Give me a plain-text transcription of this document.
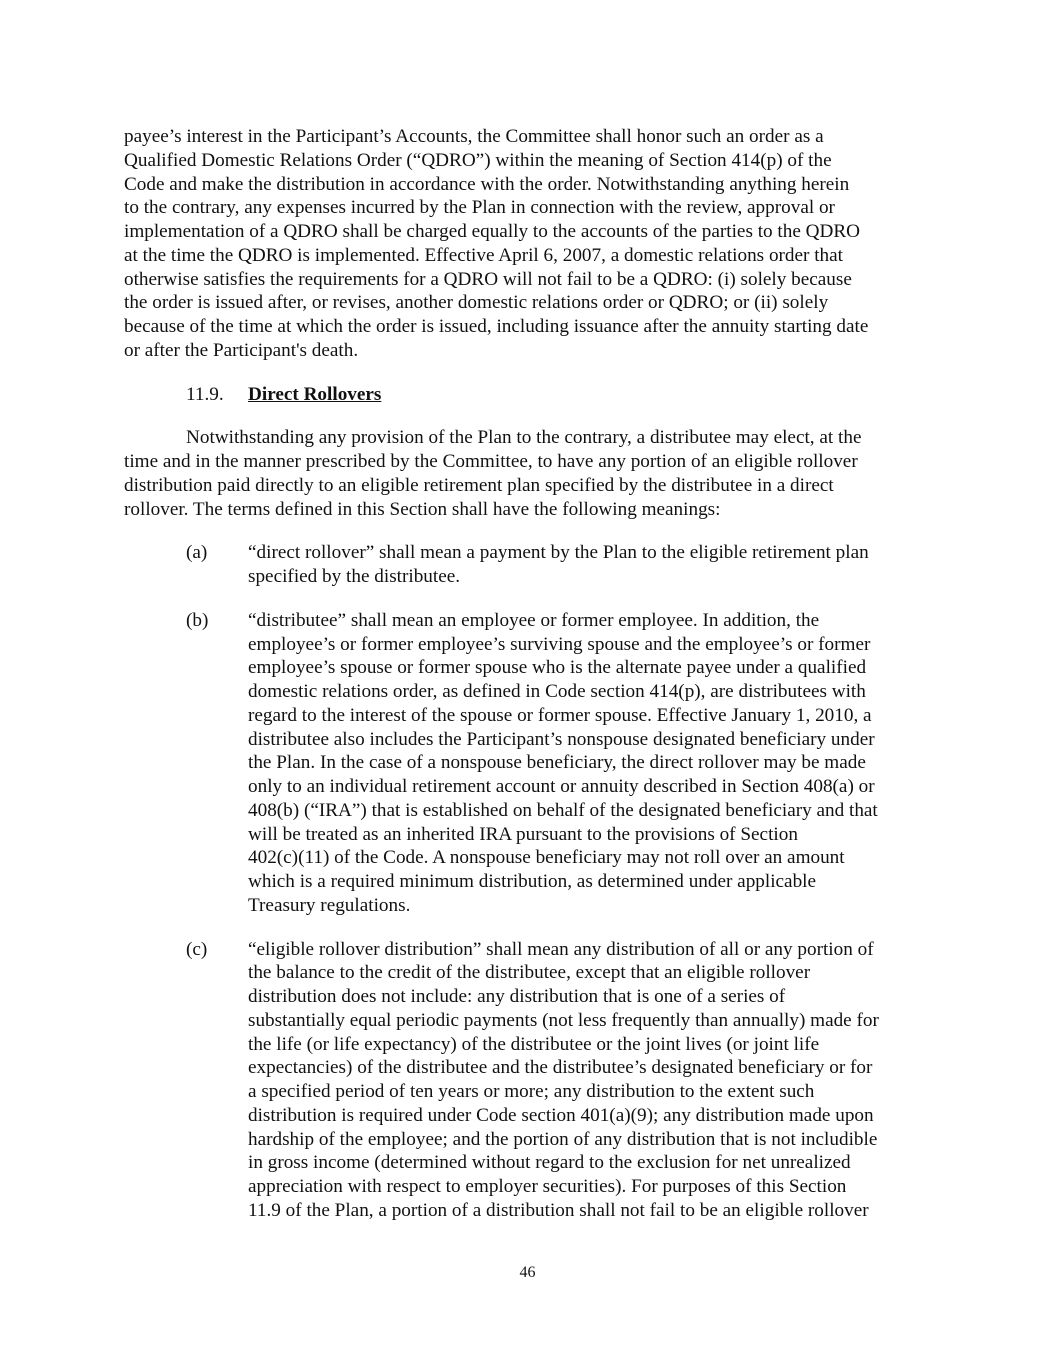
payee’s interest in the Participant’s Accounts, the Committee shall honor such an order as a
Qualified Domestic Relations Order (“QDRO”) within the meaning of Section 414(p) of the
Code and make the distribution in accordance with the order. Notwithstanding anything herein
to the contrary, any expenses incurred by the Plan in connection with the review, approval or
implementation of a QDRO shall be charged equally to the accounts of the parties to the QDRO
at the time the QDRO is implemented. Effective April 6, 2007, a domestic relations order that
otherwise satisfies the requirements for a QDRO will not fail to be a QDRO: (i) solely because
the order is issued after, or revises, another domestic relations order or QDRO; or (ii) solely
because of the time at which the order is issued, including issuance after the annuity starting date
or after the Participant's death.
11.9. Direct Rollovers
Notwithstanding any provision of the Plan to the contrary, a distributee may elect, at the
time and in the manner prescribed by the Committee, to have any portion of an eligible rollover
distribution paid directly to an eligible retirement plan specified by the distributee in a direct
rollover. The terms defined in this Section shall have the following meanings:
(a) “direct rollover” shall mean a payment by the Plan to the eligible retirement plan
specified by the distributee.
(b) “distributee” shall mean an employee or former employee. In addition, the
employee’s or former employee’s surviving spouse and the employee’s or former
employee’s spouse or former spouse who is the alternate payee under a qualified
domestic relations order, as defined in Code section 414(p), are distributees with
regard to the interest of the spouse or former spouse. Effective January 1, 2010, a
distributee also includes the Participant’s nonspouse designated beneficiary under
the Plan. In the case of a nonspouse beneficiary, the direct rollover may be made
only to an individual retirement account or annuity described in Section 408(a) or
408(b) (“IRA”) that is established on behalf of the designated beneficiary and that
will be treated as an inherited IRA pursuant to the provisions of Section
402(c)(11) of the Code. A nonspouse beneficiary may not roll over an amount
which is a required minimum distribution, as determined under applicable
Treasury regulations.
(c) “eligible rollover distribution” shall mean any distribution of all or any portion of
the balance to the credit of the distributee, except that an eligible rollover
distribution does not include: any distribution that is one of a series of
substantially equal periodic payments (not less frequently than annually) made for
the life (or life expectancy) of the distributee or the joint lives (or joint life
expectancies) of the distributee and the distributee’s designated beneficiary or for
a specified period of ten years or more; any distribution to the extent such
distribution is required under Code section 401(a)(9); any distribution made upon
hardship of the employee; and the portion of any distribution that is not includible
in gross income (determined without regard to the exclusion for net unrealized
appreciation with respect to employer securities). For purposes of this Section
11.9 of the Plan, a portion of a distribution shall not fail to be an eligible rollover
46
